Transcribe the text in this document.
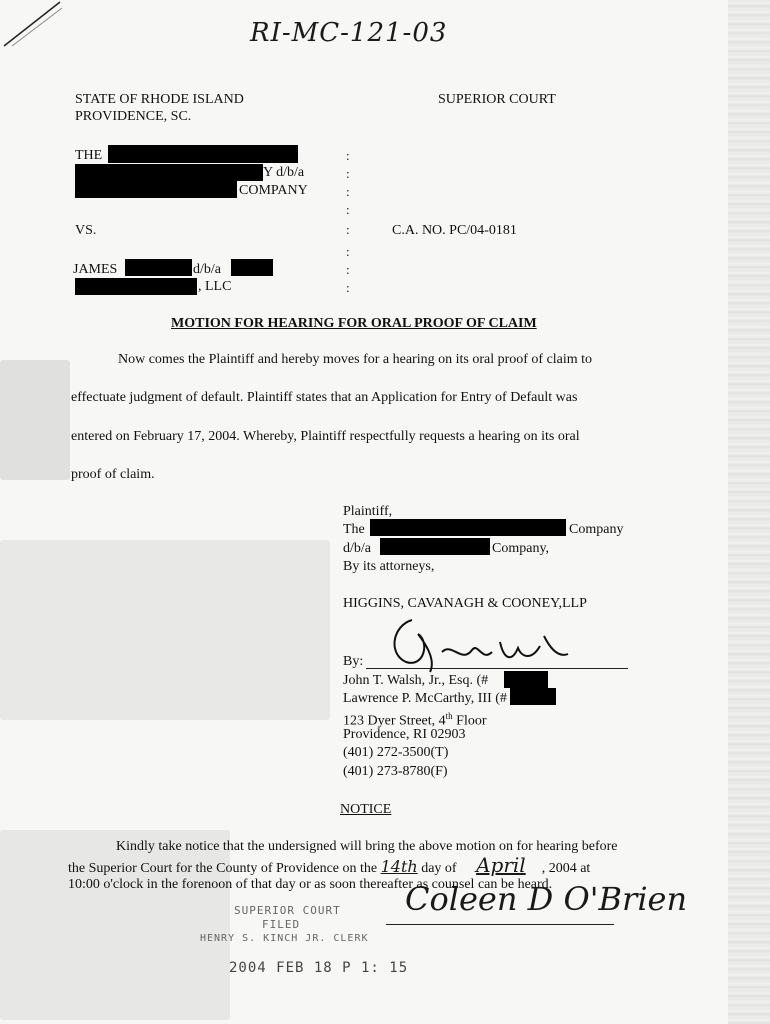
RI-MC-121-03
STATE OF RHODE ISLAND
PROVIDENCE, SC.
SUPERIOR COURT
THE
Y d/b/a
COMPANY
:
:
:
:
:
:
:
:
VS.	C.A. NO. PC/04-0181
JAMES	d/b/a
, LLC
MOTION FOR HEARING FOR ORAL PROOF OF CLAIM
Now comes the Plaintiff and hereby moves for a hearing on its oral proof of claim to
effectuate judgment of default. Plaintiff states that an Application for Entry of Default was
entered on February 17, 2004. Whereby, Plaintiff respectfully requests a hearing on its oral
proof of claim.
Plaintiff,
The	Company
d/b/a	Company,
By its attorneys,
HIGGINS, CAVANAGH & COONEY,LLP
By:
John T. Walsh, Jr., Esq. (#
Lawrence P. McCarthy, III (#
123 Dyer Street, 4th Floor
Providence, RI 02903
(401) 272-3500(T)
(401) 273-8780(F)
NOTICE
Kindly take notice that the undersigned will bring the above motion on for hearing before
the Superior Court for the County of Providence on the 14th day of April , 2004 at
10:00 o'clock in the forenoon of that day or as soon thereafter as counsel can be heard.
Coleen D O'Brien
SUPERIOR COURT
FILED
HENRY S. KINCH JR. CLERK
2004 FEB 18 P 1: 15
